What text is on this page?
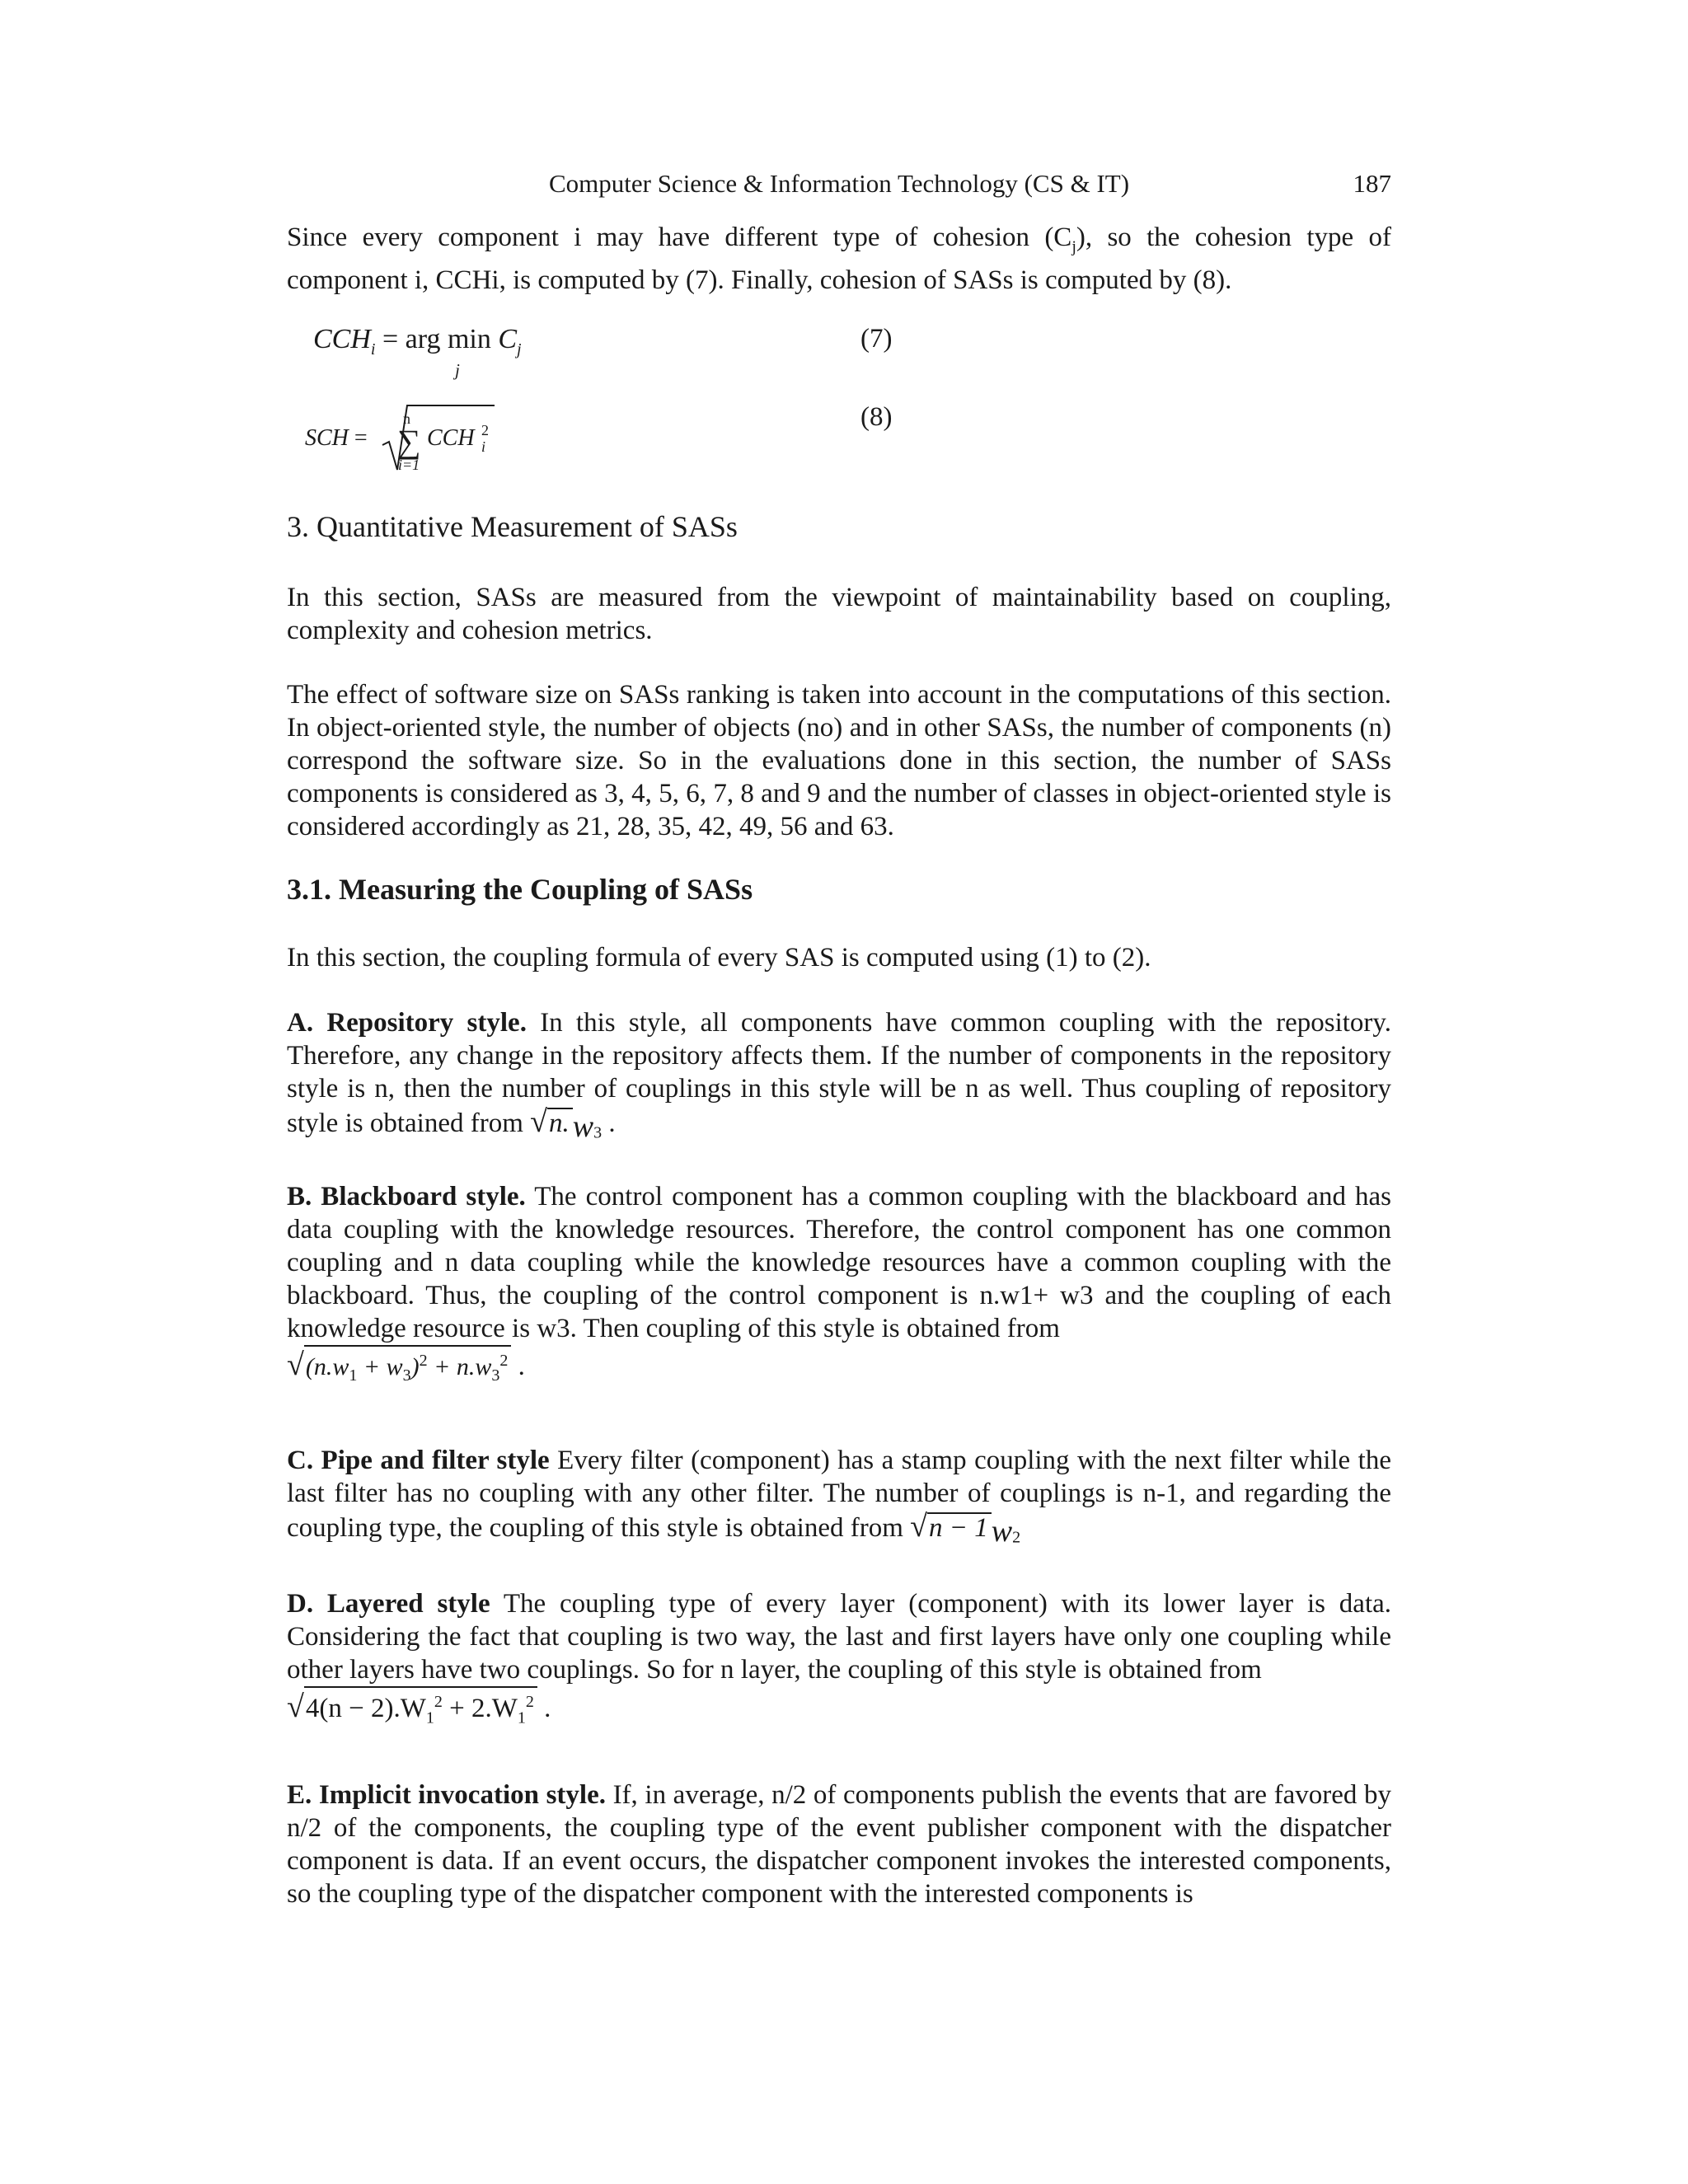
Computer Science & Information Technology (CS & IT)	187

Since every component i may have different type of cohesion $(C_j)$, so the cohesion type of component i, CCHi, is computed by (7). Finally, cohesion of SASs is computed by (8).

$CCH_i$ = arg $\min C_j$
j
(7)
SCH =
n
∑
i=1
CCH 2
i
(8)
3. Quantitative Measurement of SASs

In this section, SASs are measured from the viewpoint of maintainability based on coupling, complexity and cohesion metrics.

The effect of software size on SASs ranking is taken into account in the computations of this section. In object-oriented style, the number of objects (no) and in other SASs, the number of components (n) correspond the software size. So in the evaluations done in this section, the number of SASs components is considered as 3, 4, 5, 6, 7, 8 and 9 and the number of classes in object-oriented style is considered accordingly as 21, 28, 35, 42, 49, 56 and 63.

3.1. Measuring the Coupling of SASs

In this section, the coupling formula of every SAS is computed using (1) to (2).

A. Repository style. In this style, all components have common coupling with the repository. Therefore, any change in the repository affects them. If the number of components in the repository style is n, then the number of couplings in this style will be n as well. Thus coupling of repository style is obtained from √n. $w_3$ .

B. Blackboard style. The control component has a common coupling with the blackboard and has data coupling with the knowledge resources. Therefore, the control component has one common coupling and n data coupling while the knowledge resources have a common coupling with the blackboard. Thus, the coupling of the control component is n.w1+ w3 and the coupling of each knowledge resource is w3. Then coupling of this style is obtained from
$√(n.w_1 + w_3)^2 + n.w_3^2$ .

C. Pipe and filter style Every filter (component) has a stamp coupling with the next filter while the last filter has no coupling with any other filter. The number of couplings is n-1, and regarding the coupling type, the coupling of this style is obtained from √n − 1 $w_2$

D. Layered style The coupling type of every layer (component) with its lower layer is data. Considering the fact that coupling is two way, the last and first layers have only one coupling while other layers have two couplings. So for n layer, the coupling of this style is obtained from
$√4(n - 2).W_1^2 + 2.W_1^2$ .

E. Implicit invocation style. If, in average, n/2 of components publish the events that are favored by n/2 of the components, the coupling type of the event publisher component with the dispatcher component is data. If an event occurs, the dispatcher component invokes the interested components, so the coupling type of the dispatcher component with the interested components is
